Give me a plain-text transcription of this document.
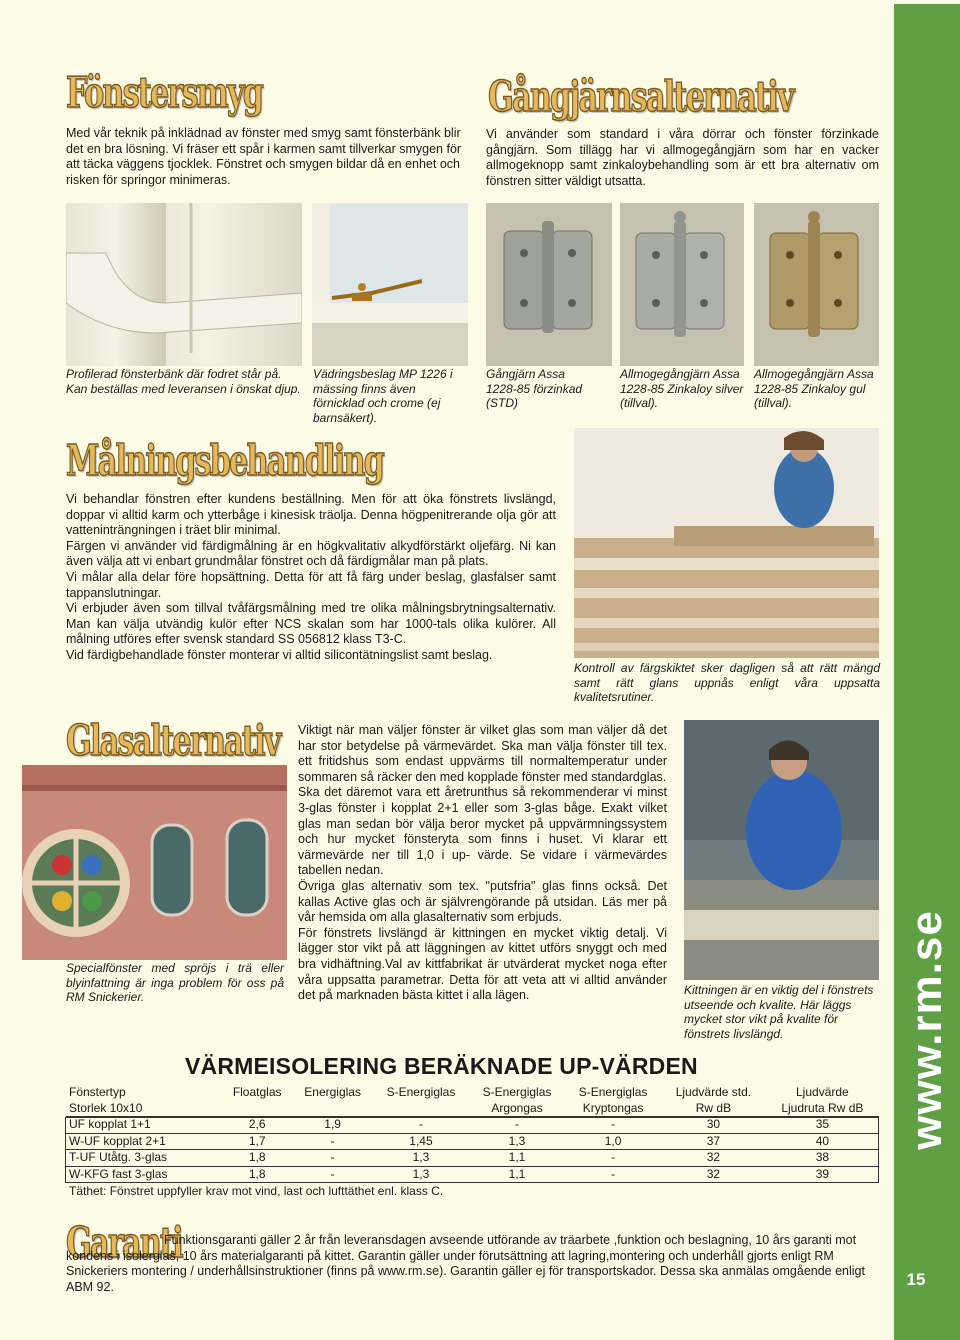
www.rm.se
15
Fönstersmyg
Med vår teknik på inklädnad av fönster med smyg samt fönsterbänk blir det en bra lösning. Vi fräser ett spår i karmen samt tillverkar smygen för att täcka väggens tjocklek. Fönstret och smygen bildar då en enhet och risken för springor minimeras.
Gångjärnsalternativ
Vi använder som standard i våra dörrar och fönster förzinkade gångjärn. Som tillägg har vi allmogegångjärn som har en vacker allmogeknopp samt zinkaloybehandling som är ett bra alternativ om fönstren sitter väldigt utsatta.
Profilerad fönsterbänk där fodret står på. Kan beställas med leveransen i önskat djup.
Vädringsbeslag MP 1226 i mässing finns även förnicklad och crome (ej barnsäkert).
Gångjärn Assa 1228-85 förzinkad (STD)
Allmogegångjärn Assa 1228-85 Zinkaloy silver (tillval).
Allmogegångjärn Assa 1228-85 Zinkaloy gul (tillval).
Målningsbehandling
Vi behandlar fönstren efter kundens beställning. Men för att öka fönstrets livslängd, doppar vi alltid karm och ytterbåge i kinesisk träolja. Denna högpenitrerande olja gör att vatteninträngningen i träet blir minimal.
Färgen vi använder vid färdigmålning är en högkvalitativ alkydförstärkt oljefärg. Ni kan även välja att vi enbart grundmålar fönstret och då färdigmålar man på plats.
Vi målar alla delar före hopsättning. Detta för att få färg under beslag, glasfalser samt tappanslutningar.
Vi erbjuder även som tillval tvåfärgsmålning med tre olika målningsbrytningsalternativ. Man kan välja utvändig kulör efter NCS skalan som har 1000-tals olika kulörer. All målning utföres efter svensk standard SS 056812 klass T3-C.
Vid färdigbehandlade fönster monterar vi alltid silicontätningslist samt beslag.
Kontroll av färgskiktet sker dagligen så att rätt mängd samt rätt glans uppnås enligt våra uppsatta kvalitetsrutiner.
Glasalternativ
Specialfönster med spröjs i trä eller blyinfattning är inga problem för oss på RM Snickerier.
Viktigt när man väljer fönster är vilket glas som man väljer då det har stor betydelse på värmevärdet. Ska man välja fönster till tex. ett fritidshus som endast uppvärms till normaltemperatur under sommaren så räcker den med kopplade fönster med standardglas.
Ska det däremot vara ett åretrunthus så rekommenderar vi minst 3-glas fönster i kopplat 2+1 eller som 3-glas bågе. Exakt vilket glas man sedan bör välja beror mycket på uppvärmningssystem och hur mycket fönsteryta som finns i huset. Vi klarar ett värmevärde ner till 1,0 i up- värde. Se vidare i värmevärdes tabellen nedan.
Övriga glas alternativ som tex. "putsfria" glas finns också. Det kallas Active glas och är självrengörande på utsidan. Läs mer på vår hemsida om alla glasalternativ som erbjuds.
För fönstrets livslängd är kittningen en mycket viktig detalj. Vi lägger stor vikt på att läggningen av kittet utförs snyggt och med bra vidhäftning.Val av kittfabrikat är utvärderat mycket noga efter våra uppsatta parametrar. Detta för att veta att vi alltid använder det på marknaden bästa kittet i alla lägen.	Kittningen är en viktig del i fönstrets utseende och kvalite. Här läggs mycket stor vikt på kvalite för fönstrets livslängd.
VÄRMEISOLERING BERÄKNADE UP-VÄRDEN
Fönstertyp	Floatglas	Energiglas	S-Energiglas	S-Energiglas	S-Energiglas	Ljudvärde std.	Ljudvärde
Storlek 10x10				Argongas	Kryptongas	Rw dB	Ljudruta Rw dB
UF kopplat 1+1	2,6	1,9	-	-	-	30	35
W-UF kopplat 2+1	1,7	-	1,45	1,3	1,0	37	40
T-UF Utåtg. 3-glas	1,8	-	1,3	1,1	-	32	38
W-KFG fast 3-glas	1,8	-	1,3	1,1	-	32	39
Täthet: Fönstret uppfyller krav mot vind, last och lufttäthet enl. klass C.
Garanti
Funktionsgaranti gäller 2 år från leveransdagen avseende utförandе av träarbete ,funktion och beslagning, 10 års garanti mot kondens i isolerglas, 10 års materialgaranti på kittet. Garantin gäller under förutsättning att lagring,montering och underhåll gjorts enligt RM Snickeriers montering / underhållsinstruktioner (finns på www.rm.se). Garantin gäller ej för transportskador. Dessa ska anmälas omgående enligt ABM 92.
